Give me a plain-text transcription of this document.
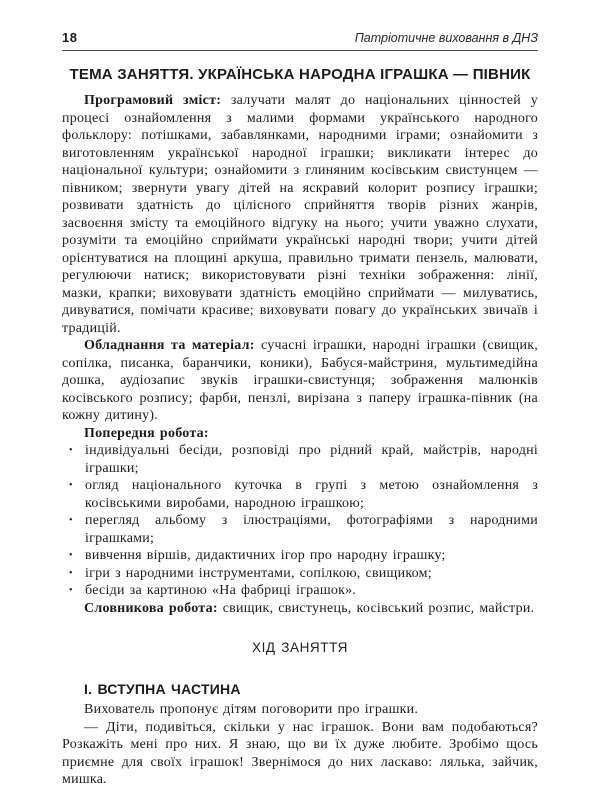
18	Патріотичне виховання в ДНЗ
ТЕМА ЗАНЯТТЯ. УКРАЇНСЬКА НАРОДНА ІГРАШКА — ПІВНИК

Програмовий зміст: залучати малят до національних цінностей у процесі ознайомлення з малими формами українського народного фольклору: потішками, забавлянками, народними іграми; ознайомити з виготовленням української народної іграшки; викликати інтерес до національної культури; ознайомити з глиняним косівським свистунцем — півником; звернути увагу дітей на яскравий колорит розпису іграшки; розвивати здатність до цілісного сприйняття творів різних жанрів, засвоєння змісту та емоційного відгуку на нього; учити уважно слухати, розуміти та емоційно сприймати українські народні твори; учити дітей орієнтуватися на площині аркуша, правильно тримати пензель, малювати, регулюючи натиск; використовувати різні техніки зображення: лінії, мазки, крапки; виховувати здатність емоційно сприймати — милуватись, дивуватися, помічати красиве; виховувати повагу до українських звичаїв і традицій.

Обладнання та матеріал: сучасні іграшки, народні іграшки (свищик, сопілка, писанка, баранчики, коники), Бабуся-майстриня, мультимедійна дошка, аудіозапис звуків іграшки-свистунця; зображення малюнків косівського розпису; фарби, пензлі, вирізана з паперу іграшка-півник (на кожну дитину).

Попередня робота:

• індивідуальні бесіди, розповіді про рідний край, майстрів, народні іграшки;
• огляд національного куточка в групі з метою ознайомлення з косівськими виробами, народною іграшкою;
• перегляд альбому з ілюстраціями, фотографіями з народними іграшками;
• вивчення віршів, дидактичних ігор про народну іграшку;
• ігри з народними інструментами, сопілкою, свищиком;
• бесіди за картиною «На фабриці іграшок».

Словникова робота: свищик, свистунець, косівський розпис, майстри.

ХІД ЗАНЯТТЯ
І. ВСТУПНА ЧАСТИНА

Вихователь пропонує дітям поговорити про іграшки.

— Діти, подивіться, скільки у нас іграшок. Вони вам подобаються? Розкажіть мені про них. Я знаю, що ви їх дуже любите. Зробімо щось приємне для своїх іграшок! Звернімося до них ласкаво: лялька, зайчик, мишка.
